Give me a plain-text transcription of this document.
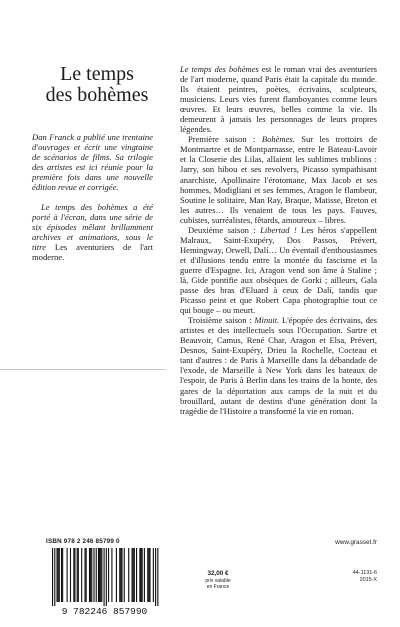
Le temps
des bohèmes

Dan Franck a publié une trentaine d'ouvrages et écrit une vingtaine de scénarios de films. Sa trilogie des artistes est ici réunie pour la première fois dans une nouvelle édition revue et corrigée.

Le temps des bohèmes a été porté à l'écran, dans une série de six épisodes mêlant brillamment archives et animations, sous le titre Les aventuriers de l'art moderne.

Le temps des bohèmes est le roman vrai des aventuriers de l'art moderne, quand Paris était la capitale du monde. Ils étaient peintres, poètes, écrivains, sculpteurs, musiciens. Leurs vies furent flamboyantes comme leurs œuvres. Et leurs œuvres, belles comme la vie. Ils demeurent à jamais les personnages de leurs propres légendes.

Première saison : Bohèmes. Sur les trottoirs de Montmartre et de Montparnasse, entre le Bateau-Lavoir et la Closerie des Lilas, allaient les sublimes trublions : Jarry, son hibou et ses revolvers, Picasso sympathisant anarchiste, Apollinaire l'érotomane, Max Jacob et ses hommes, Modigliani et ses femmes, Aragon le flambeur, Soutine le solitaire, Man Ray, Braque, Matisse, Breton et les autres… Ils venaient de tous les pays. Fauves, cubistes, surréalistes, fêtards, amoureux – libres.

Deuxième saison : Libertad ! Les héros s'appellent Malraux, Saint-Exupéry, Dos Passos, Prévert, Hemingway, Orwell, Dalí… Un éventail d'enthousiasmes et d'illusions tendu entre la montée du fascisme et la guerre d'Espagne. Ici, Aragon vend son âme à Staline ; là, Gide pontifie aux obsèques de Gorki ; ailleurs, Gala passe des bras d'Eluard à ceux de Dalí, tandis que Picasso peint et que Robert Capa photographie tout ce qui bouge – ou meurt.

Troisième saison : Minuit. L'épopée des écrivains, des artistes et des intellectuels sous l'Occupation. Sartre et Beauvoir, Camus, René Char, Aragon et Elsa, Prévert, Desnos, Saint-Exupéry, Drieu la Rochelle, Cocteau et tant d'autres : de Paris à Marseille dans la débandade de l'exode, de Marseille à New York dans les bateaux de l'espoir, de Paris à Berlin dans les trains de la honte, des gares de la déportation aux camps de la nuit et du brouillard, autant de destins d'une génération dont la tragédie de l'Histoire a transformé la vie en roman.

ISBN 978 2 246 85799 0
9 782246 857990
32,00 €
prix valable
en France
www.grasset.fr
44-1131-6
2015-X
